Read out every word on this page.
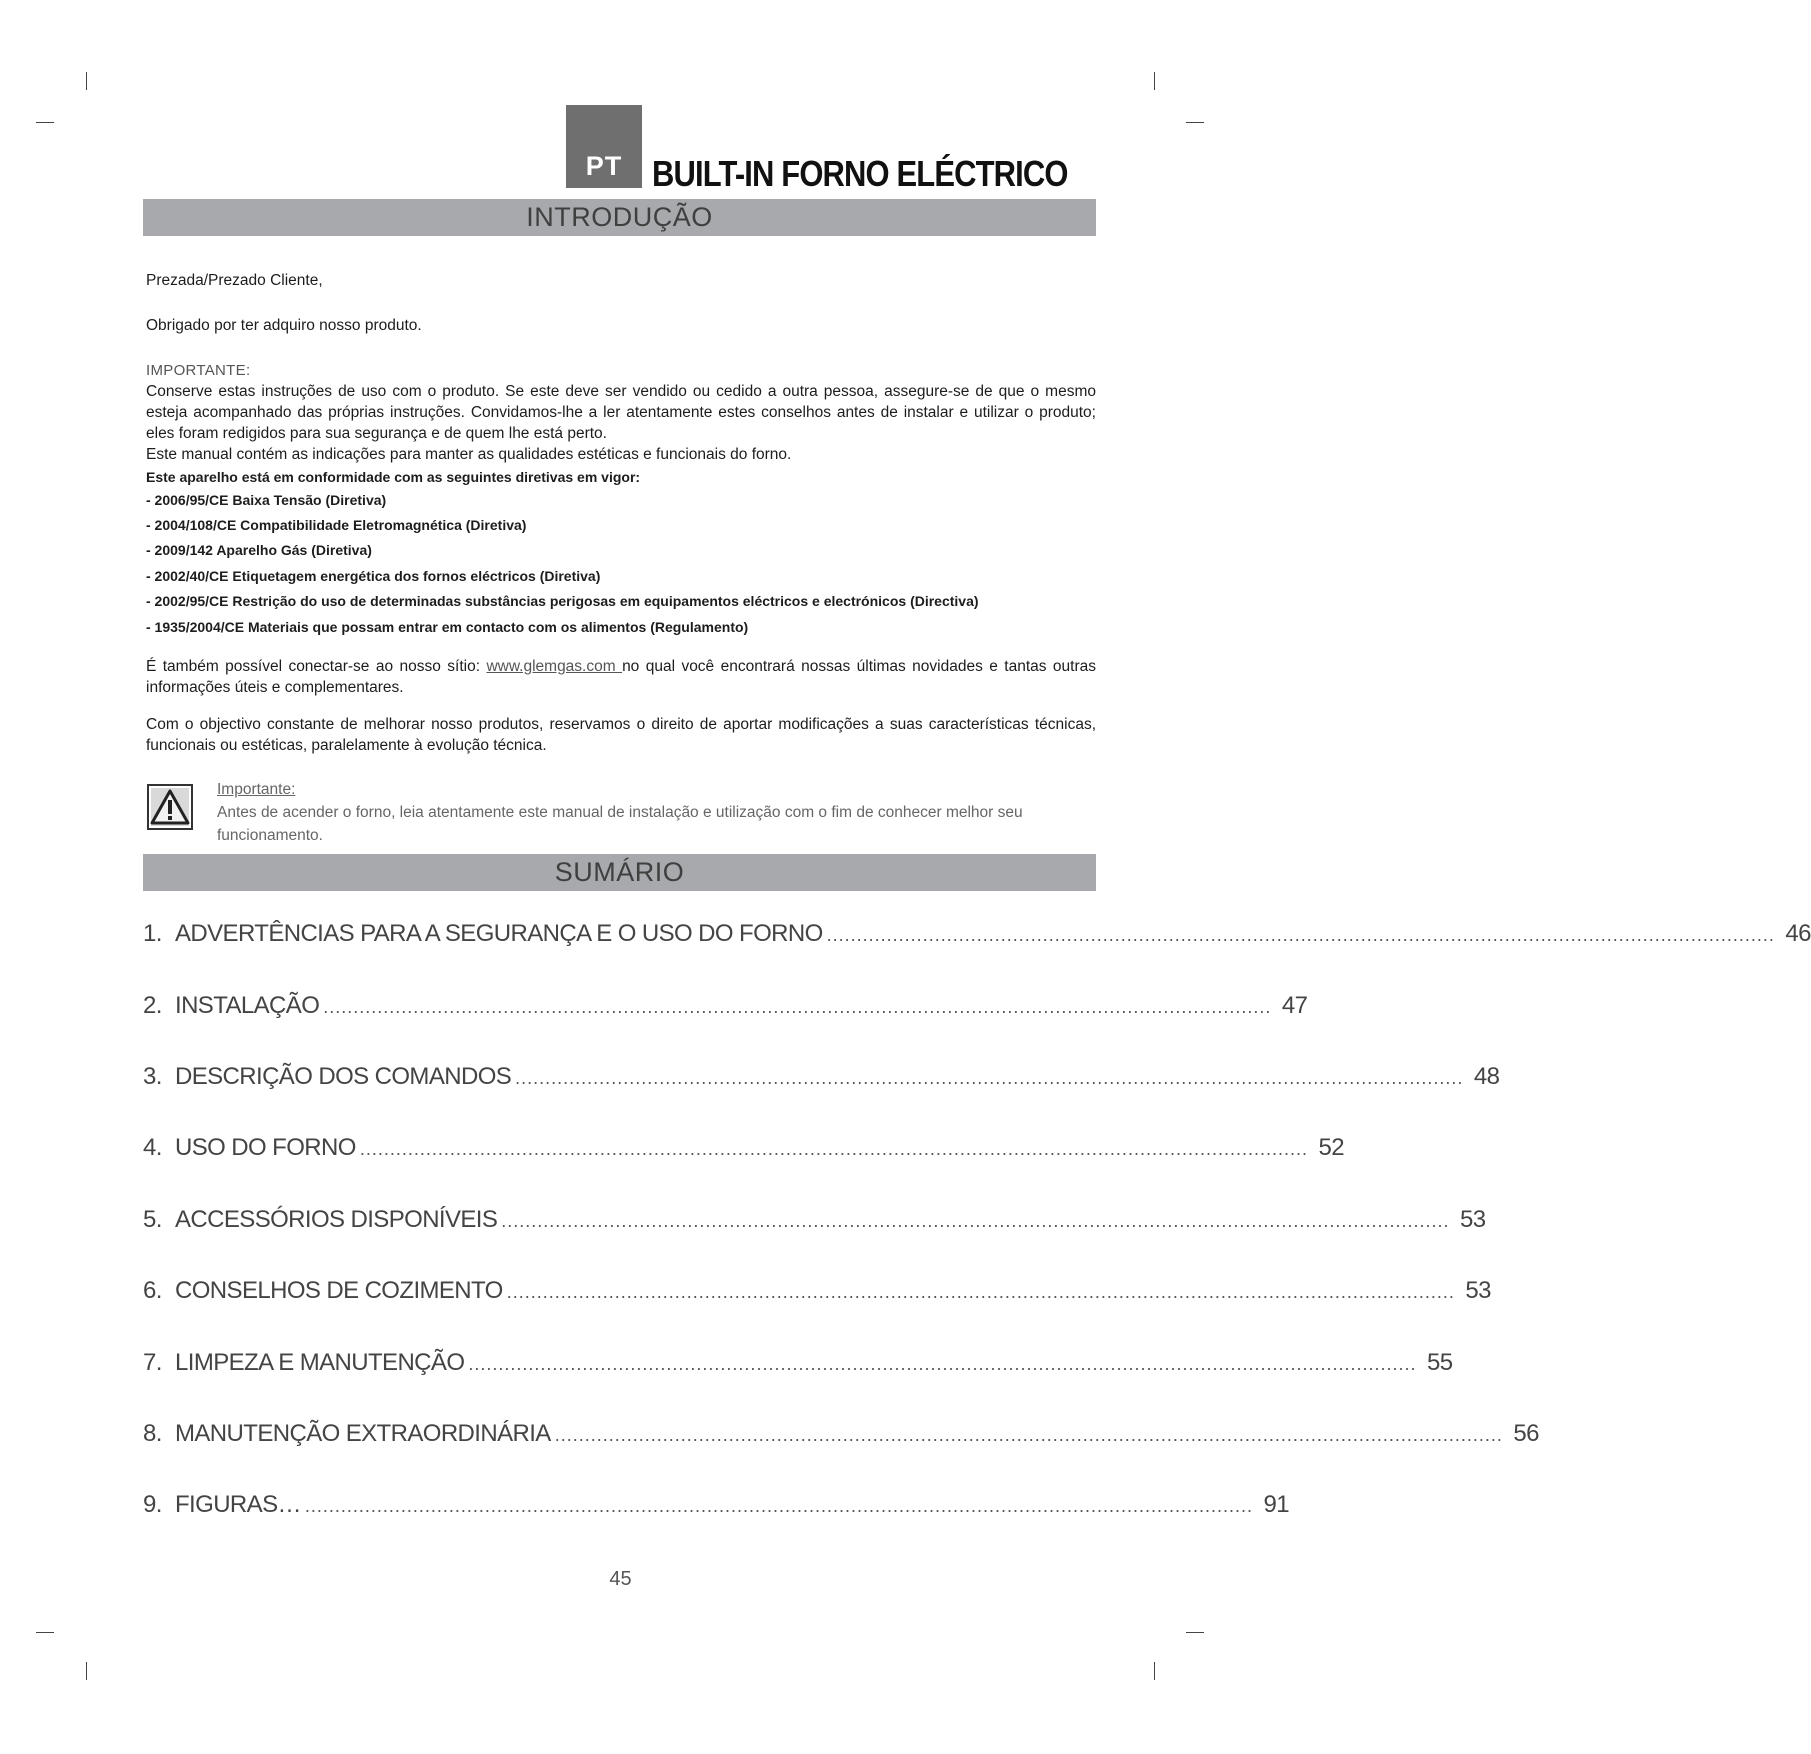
PT BUILT-IN FORNO ELÉCTRICO
INTRODUÇÃO

Prezada/Prezado Cliente,

Obrigado por ter adquiro nosso produto.

IMPORTANTE:

Conserve estas instruções de uso com o produto. Se este deve ser vendido ou cedido a outra pessoa, assegure-se de que o mesmo esteja acompanhado das próprias instruções. Convidamos-lhe a ler atentamente estes conselhos antes de instalar e utilizar o produto; eles foram redigidos para sua segurança e de quem lhe está perto.

Este manual contém as indicações para manter as qualidades estéticas e funcionais do forno.

Este aparelho está em conformidade com as seguintes diretivas em vigor:

- 2006/95/CE Baixa Tensão (Diretiva)

- 2004/108/CE Compatibilidade Eletromagnética (Diretiva)

- 2009/142 Aparelho Gás (Diretiva)

- 2002/40/CE Etiquetagem energética dos fornos eléctricos (Diretiva)

- 2002/95/CE Restrição do uso de determinadas substâncias perigosas em equipamentos eléctricos e electrónicos (Directiva)

- 1935/2004/CE Materiais que possam entrar em contacto com os alimentos (Regulamento)

É também possível conectar-se ao nosso sítio: www.glemgas.com no qual você encontrará nossas últimas novidades e tantas outras informações úteis e complementares.

Com o objectivo constante de melhorar nosso produtos, reservamos o direito de aportar modificações a suas características técnicas, funcionais ou estéticas, paralelamente à evolução técnica.

Importante:
Antes de acender o forno, leia atentamente este manual de instalação e utilização com o fim de conhecer melhor seu funcionamento.
SUMÁRIO
1. ADVERTÊNCIAS PARA A SEGURANÇA E O USO DO FORNO .............................................................................................................................................................. 46
2. INSTALAÇÃO .............................................................................................................................................................. 47
3. DESCRIÇÃO DOS COMANDOS .............................................................................................................................................................. 48
4. USO DO FORNO .............................................................................................................................................................. 52
5. ACCESSÓRIOS DISPONÍVEIS .............................................................................................................................................................. 53
6. CONSELHOS DE COZIMENTO .............................................................................................................................................................. 53
7. LIMPEZA E MANUTENÇÃO .............................................................................................................................................................. 55
8. MANUTENÇÃO EXTRAORDINÁRIA .............................................................................................................................................................. 56
9. FIGURAS… .............................................................................................................................................................. 91
45
